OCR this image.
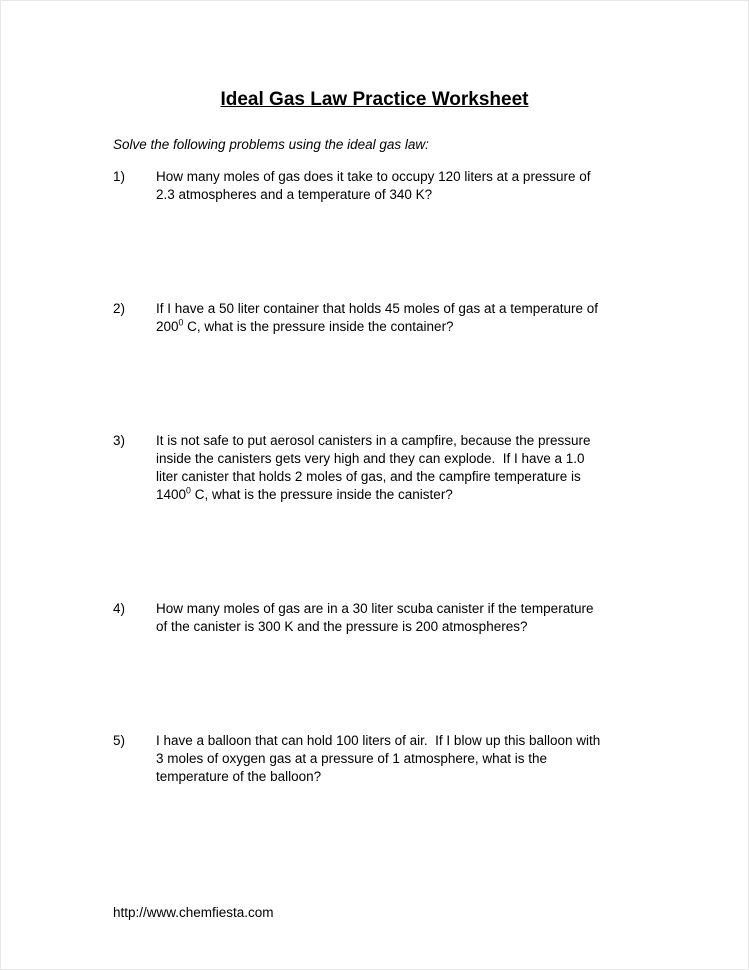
Ideal Gas Law Practice Worksheet
Solve the following problems using the ideal gas law:
1)	How many moles of gas does it take to occupy 120 liters at a pressure of
2.3 atmospheres and a temperature of 340 K?
2)	If I have a 50 liter container that holds 45 moles of gas at a temperature of
$200^0$ C, what is the pressure inside the container?
3)	It is not safe to put aerosol canisters in a campfire, because the pressure
inside the canisters gets very high and they can explode.  If I have a 1.0
liter canister that holds 2 moles of gas, and the campfire temperature is
1400$^0$ C, what is the pressure inside the canister?
4)	How many moles of gas are in a 30 liter scuba canister if the temperature
of the canister is 300 K and the pressure is 200 atmospheres?
5)	I have a balloon that can hold 100 liters of air.  If I blow up this balloon with
3 moles of oxygen gas at a pressure of 1 atmosphere, what is the
temperature of the balloon?
http://www.chemfiesta.com
